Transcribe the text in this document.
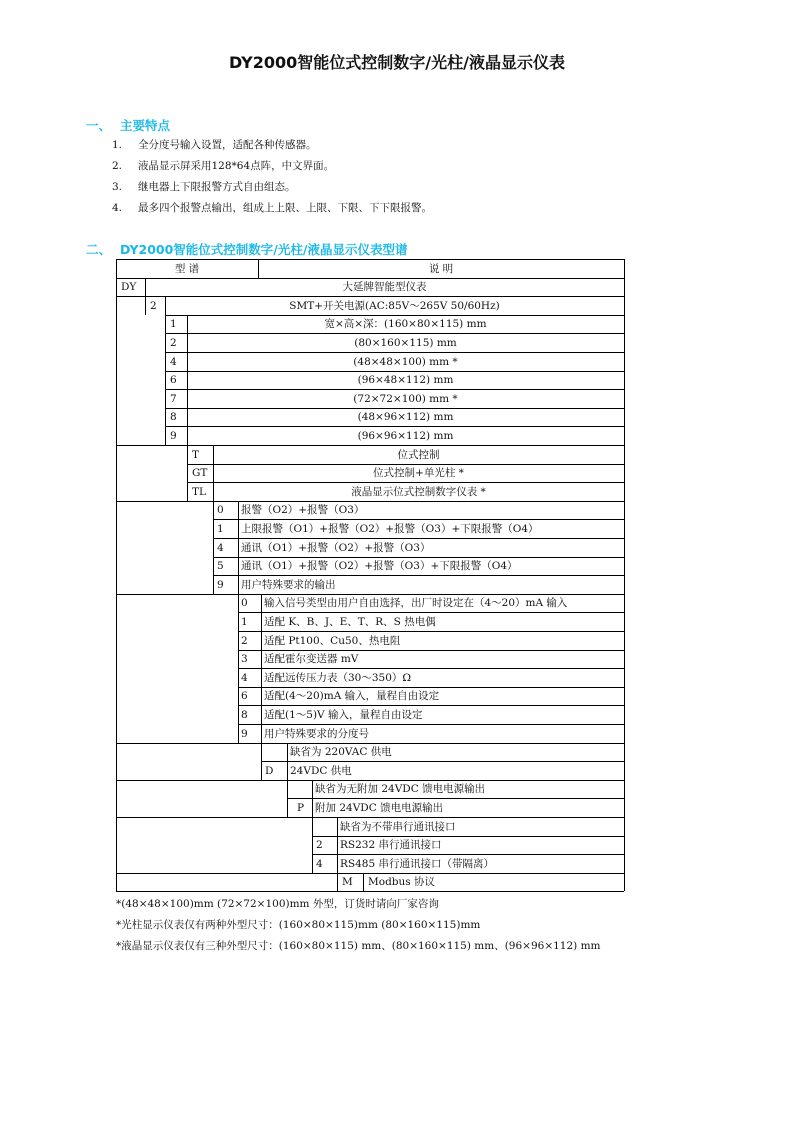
DY2000智能位式控制数字/光柱/液晶显示仪表
一、 主要特点
1. 全分度号输入设置，适配各种传感器。
2. 液晶显示屏采用128*64点阵，中文界面。
3. 继电器上下限报警方式自由组态。
4. 最多四个报警点输出，组成上上限、上限、下限、下下限报警。
二、 DY2000智能位式控制数字/光柱/液晶显示仪表型谱
型 谱	说 明
DY	大延牌智能型仪表
2	SMT+开关电源(AC:85V～265V 50/60Hz)
1	宽×高×深：(160×80×115) mm
2	(80×160×115) mm
4	(48×48×100) mm *
6	(96×48×112) mm
7	(72×72×100) mm *
8	(48×96×112) mm
9	(96×96×112) mm
T	位式控制
GT	位式控制+单光柱 *
TL	液晶显示位式控制数字仪表 *
0 报警（O2）+报警（O3）
1 上限报警（O1）+报警（O2）+报警（O3）+下限报警（O4）
4 通讯（O1）+报警（O2）+报警（O3）
5 通讯（O1）+报警（O2）+报警（O3）+下限报警（O4）
9 用户特殊要求的输出
0 输入信号类型由用户自由选择，出厂时设定在（4～20）mA 输入
1 适配 K、B、J、E、T、R、S 热电偶
2 适配 Pt100、Cu50、热电阻
3 适配霍尔变送器 mV
4 适配远传压力表（30～350）Ω
6 适配(4～20)mA 输入，量程自由设定
8 适配(1～5)V 输入，量程自由设定
9 用户特殊要求的分度号
缺省为 220VAC 供电
D 24VDC 供电
缺省为无附加 24VDC 馈电电源输出
P 附加 24VDC 馈电电源输出
缺省为不带串行通讯接口
2 RS232 串行通讯接口
4 RS485 串行通讯接口（带隔离）
M Modbus 协议
*(48×48×100)mm (72×72×100)mm 外型，订货时请向厂家咨询
*光柱显示仪表仅有两种外型尺寸：(160×80×115)mm (80×160×115)mm
*液晶显示仪表仅有三种外型尺寸：(160×80×115) mm、(80×160×115) mm、(96×96×112) mm
